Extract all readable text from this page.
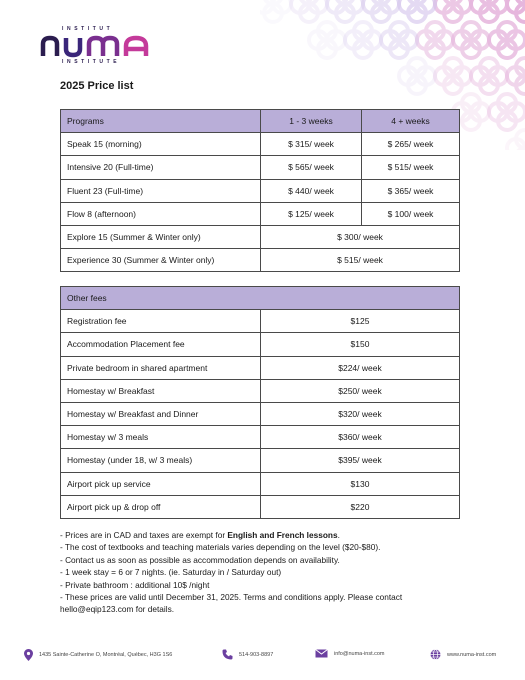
INSTITUT
INSTITUTE
2025 Price list
Programs	1 - 3 weeks	4 + weeks
Speak 15 (morning)	$ 315/ week	$ 265/ week
Intensive 20 (Full-time)	$ 565/ week	$ 515/ week
Fluent 23 (Full-time)	$ 440/ week	$ 365/ week
Flow 8 (afternoon)	$ 125/ week	$ 100/ week
Explore 15 (Summer & Winter only)	$ 300/ week	
Experience 30 (Summer & Winter only)	$ 515/ week	
Other fees	
Registration fee	$125
Accommodation Placement fee	$150
Private bedroom in shared apartment	$224/ week
Homestay w/ Breakfast	$250/ week
Homestay w/ Breakfast and Dinner	$320/ week
Homestay w/ 3 meals	$360/ week
Homestay (under 18, w/ 3 meals)	$395/ week
Airport pick up service	$130
Airport pick up & drop off	$220
- Prices are in CAD and taxes are exempt for English and French lessons.
- The cost of textbooks and teaching materials varies depending on the level ($20-$80).
- Contact us as soon as possible as accommodation depends on availability.
- 1 week stay = 6 or 7 nights. (ie. Saturday in / Saturday out)
- Private bathroom : additional 10$ /night
- These prices are valid until December 31, 2025. Terms and conditions apply. Please contact
hello@eqip123.com for details.
1435 Sainte-Catherine O, Montréal, Québec, H3G 1S6	514-903-8897	info@numa-inst.com	www.numa-inst.com
